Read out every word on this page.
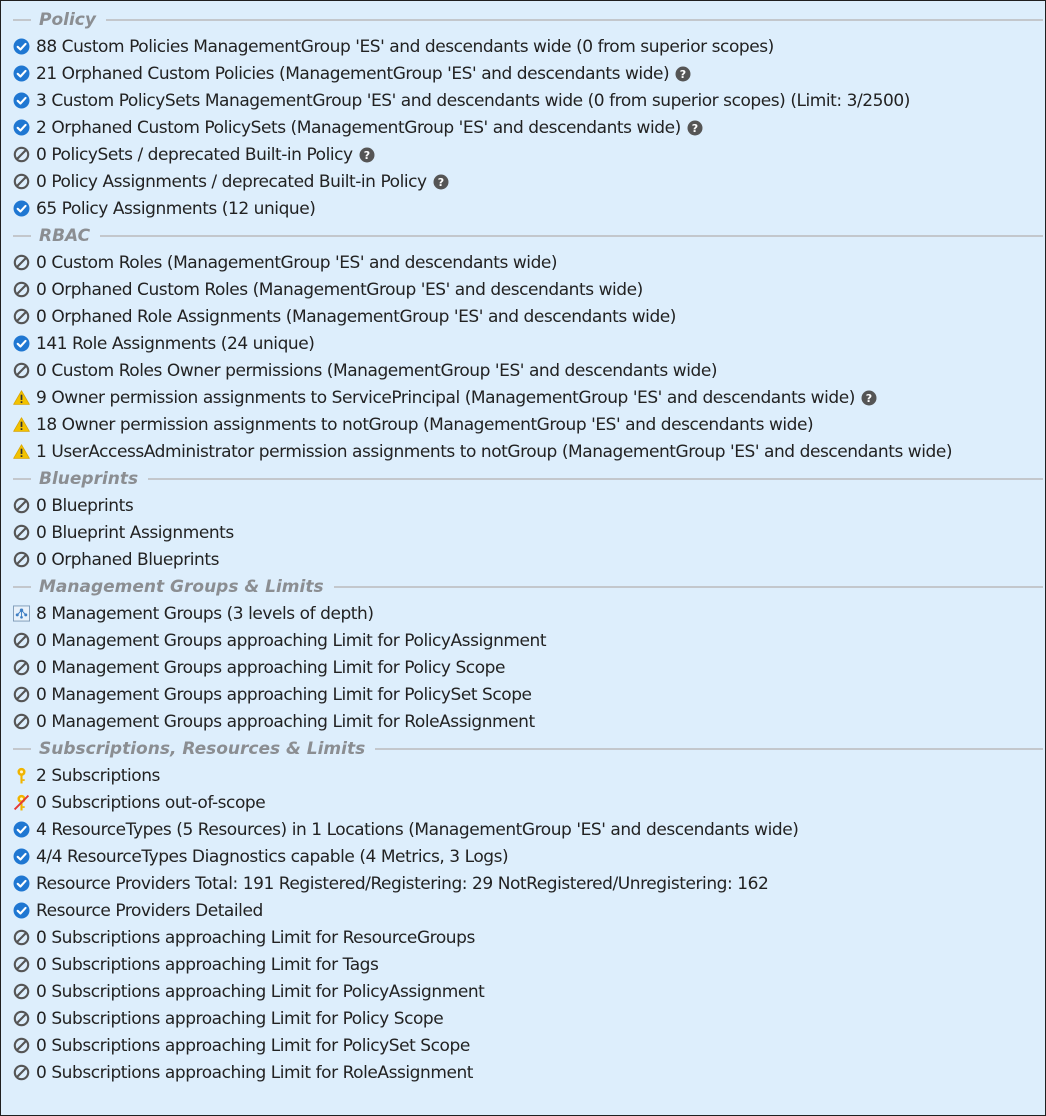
Policy
88 Custom Policies ManagementGroup 'ES' and descendants wide (0 from superior scopes)
21 Orphaned Custom Policies (ManagementGroup 'ES' and descendants wide) ?
3 Custom PolicySets ManagementGroup 'ES' and descendants wide (0 from superior scopes) (Limit: 3/2500)
2 Orphaned Custom PolicySets (ManagementGroup 'ES' and descendants wide) ?
0 PolicySets / deprecated Built-in Policy ?
0 Policy Assignments / deprecated Built-in Policy ?
65 Policy Assignments (12 unique)
RBAC
0 Custom Roles (ManagementGroup 'ES' and descendants wide)
0 Orphaned Custom Roles (ManagementGroup 'ES' and descendants wide)
0 Orphaned Role Assignments (ManagementGroup 'ES' and descendants wide)
141 Role Assignments (24 unique)
0 Custom Roles Owner permissions (ManagementGroup 'ES' and descendants wide)
9 Owner permission assignments to ServicePrincipal (ManagementGroup 'ES' and descendants wide) ?
18 Owner permission assignments to notGroup (ManagementGroup 'ES' and descendants wide)
1 UserAccessAdministrator permission assignments to notGroup (ManagementGroup 'ES' and descendants wide)
Blueprints
0 Blueprints
0 Blueprint Assignments
0 Orphaned Blueprints
Management Groups & Limits
8 Management Groups (3 levels of depth)
0 Management Groups approaching Limit for PolicyAssignment
0 Management Groups approaching Limit for Policy Scope
0 Management Groups approaching Limit for PolicySet Scope
0 Management Groups approaching Limit for RoleAssignment
Subscriptions, Resources & Limits
2 Subscriptions
0 Subscriptions out-of-scope
4 ResourceTypes (5 Resources) in 1 Locations (ManagementGroup 'ES' and descendants wide)
4/4 ResourceTypes Diagnostics capable (4 Metrics, 3 Logs)
Resource Providers Total: 191 Registered/Registering: 29 NotRegistered/Unregistering: 162
Resource Providers Detailed
0 Subscriptions approaching Limit for ResourceGroups
0 Subscriptions approaching Limit for Tags
0 Subscriptions approaching Limit for PolicyAssignment
0 Subscriptions approaching Limit for Policy Scope
0 Subscriptions approaching Limit for PolicySet Scope
0 Subscriptions approaching Limit for RoleAssignment
